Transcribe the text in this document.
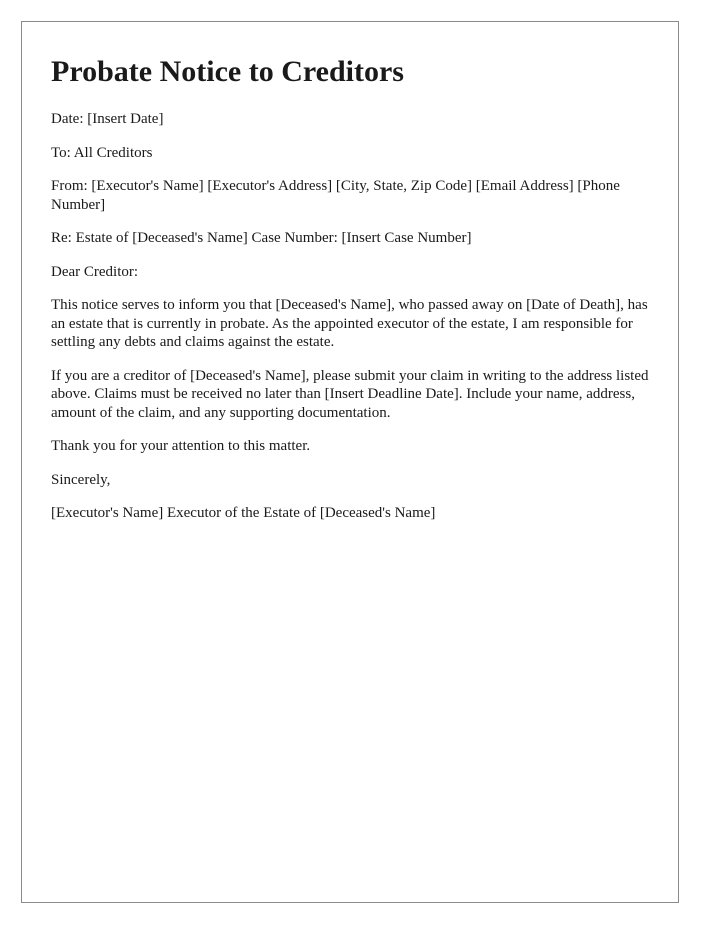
Probate Notice to Creditors

Date: [Insert Date]

To: All Creditors

From: [Executor's Name] [Executor's Address] [City, State, Zip Code] [Email Address] [Phone Number]

Re: Estate of [Deceased's Name] Case Number: [Insert Case Number]

Dear Creditor:

This notice serves to inform you that [Deceased's Name], who passed away on [Date of Death], has an estate that is currently in probate. As the appointed executor of the estate, I am responsible for settling any debts and claims against the estate.

If you are a creditor of [Deceased's Name], please submit your claim in writing to the address listed above. Claims must be received no later than [Insert Deadline Date]. Include your name, address, amount of the claim, and any supporting documentation.

Thank you for your attention to this matter.

Sincerely,

[Executor's Name] Executor of the Estate of [Deceased's Name]
